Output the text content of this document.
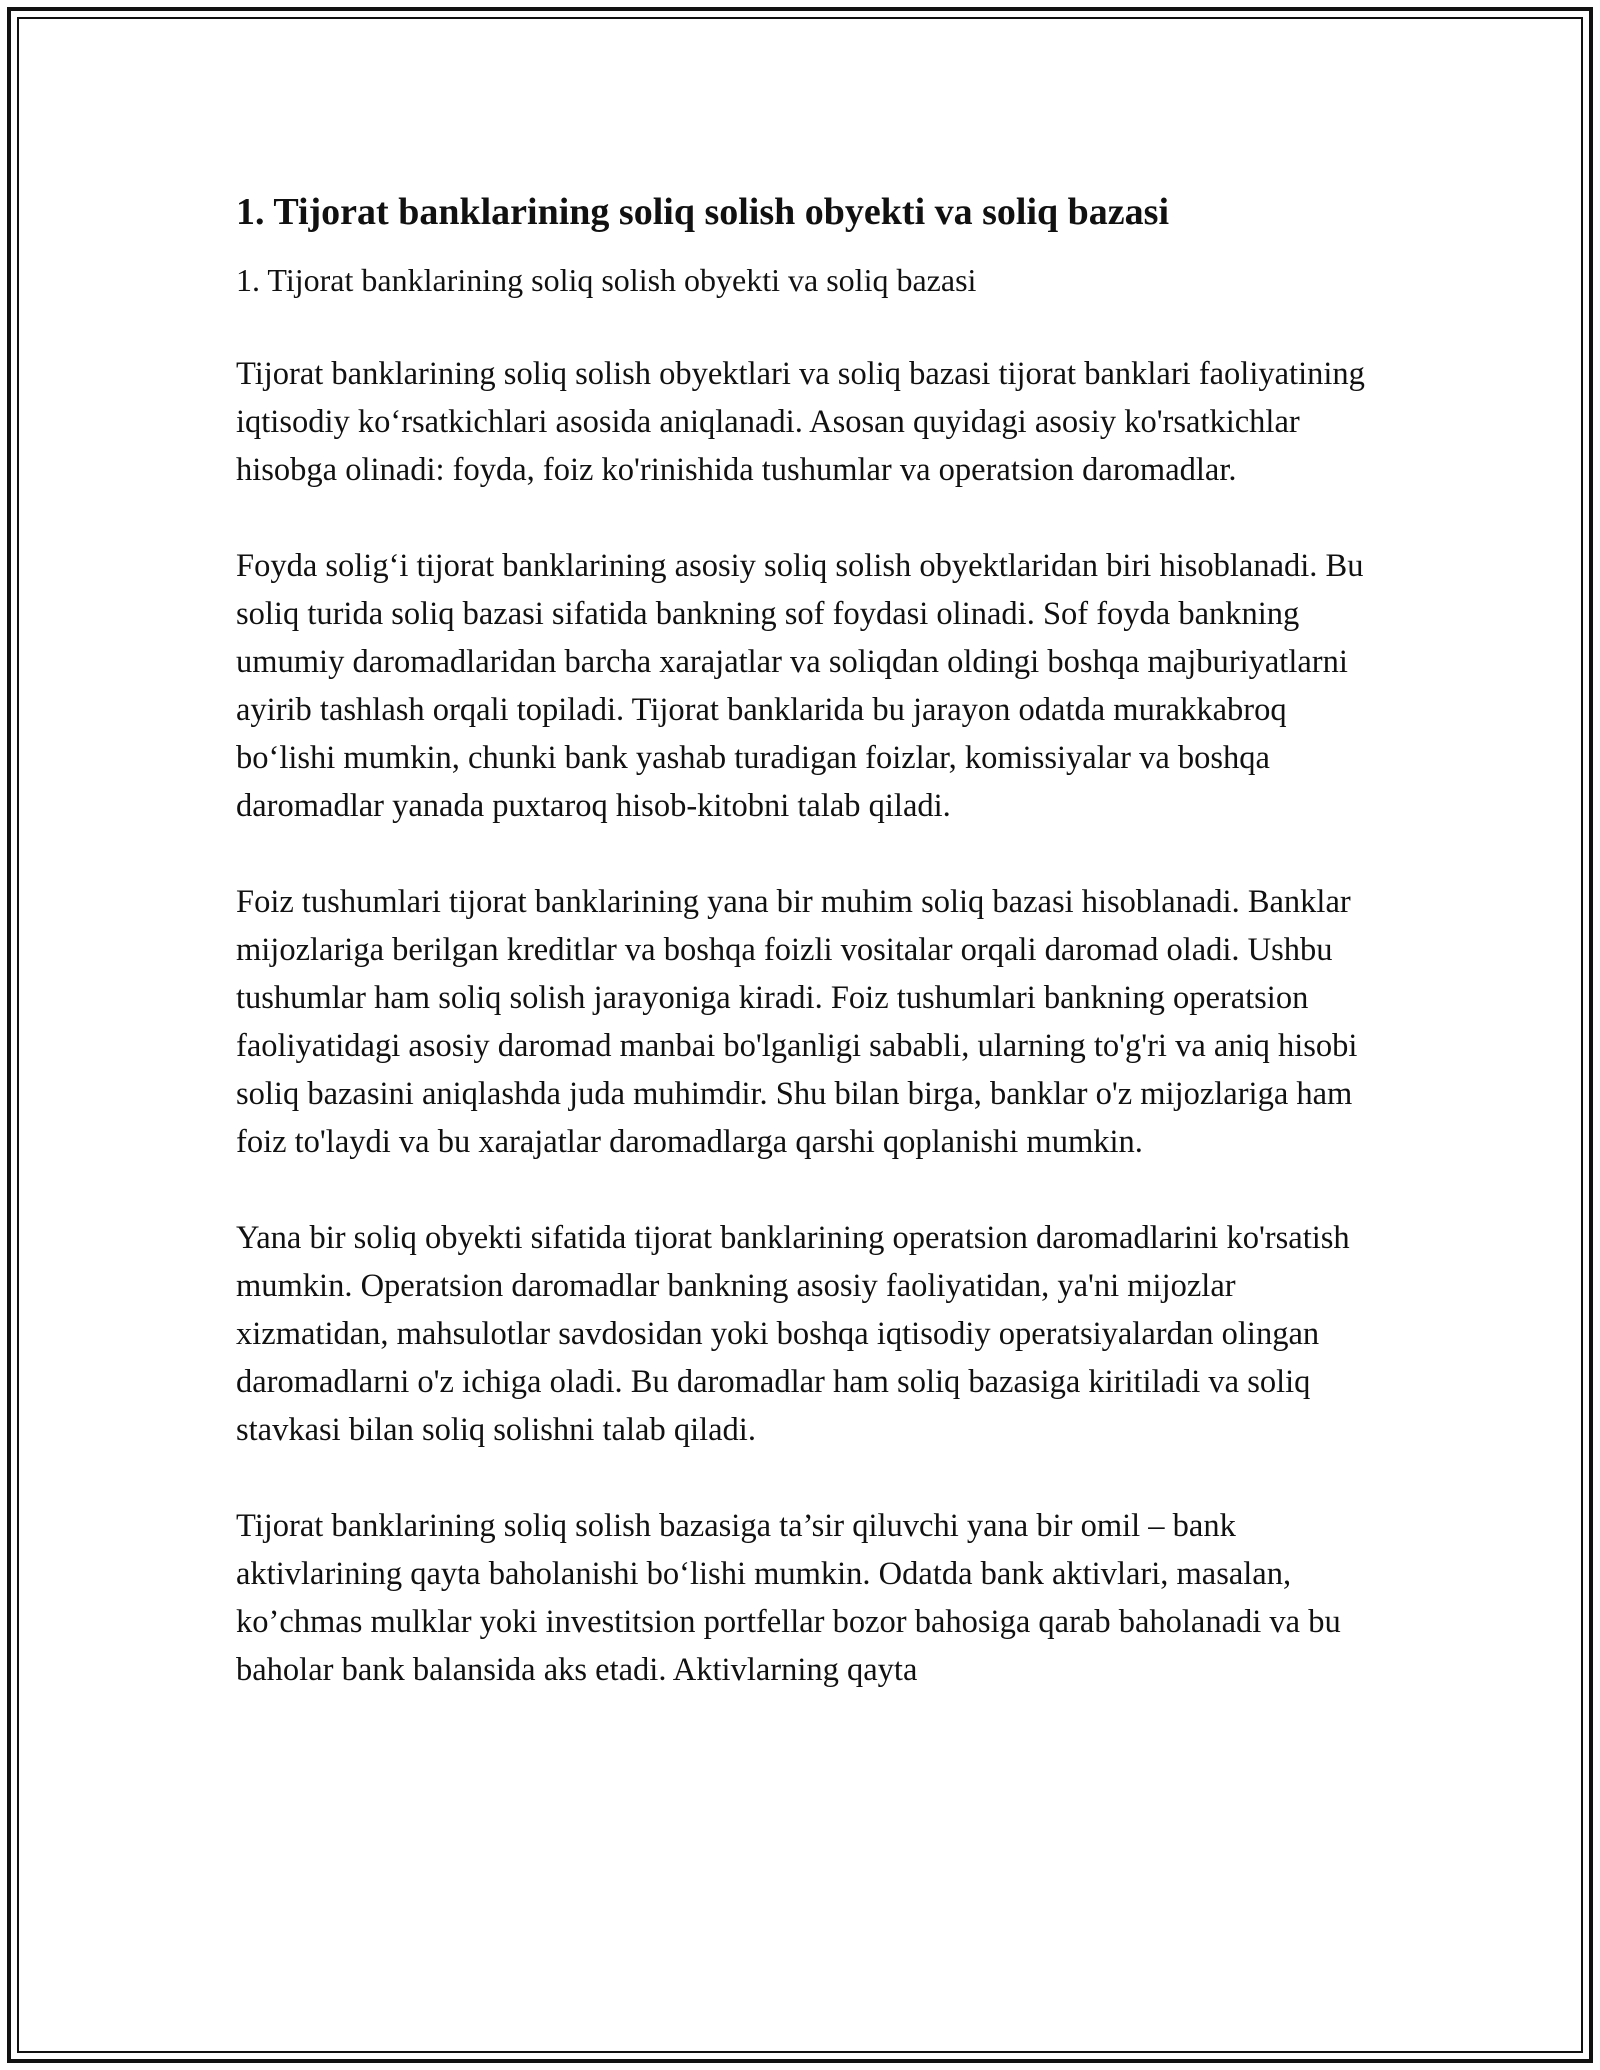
1. Tijorat banklarining soliq solish obyekti va soliq bazasi

1. Tijorat banklarining soliq solish obyekti va soliq bazasi

Tijorat banklarining soliq solish obyektlari va soliq bazasi tijorat banklari faoliyatining iqtisodiy ko‘rsatkichlari asosida aniqlanadi. Asosan quyidagi asosiy ko'rsatkichlar hisobga olinadi: foyda, foiz ko'rinishida tushumlar va operatsion daromadlar.

Foyda solig‘i tijorat banklarining asosiy soliq solish obyektlaridan biri hisoblanadi. Bu soliq turida soliq bazasi sifatida bankning sof foydasi olinadi. Sof foyda bankning umumiy daromadlaridan barcha xarajatlar va soliqdan oldingi boshqa majburiyatlarni ayirib tashlash orqali topiladi. Tijorat banklarida bu jarayon odatda murakkabroq bo‘lishi mumkin, chunki bank yashab turadigan foizlar, komissiyalar va boshqa daromadlar yanada puxtaroq hisob-kitobni talab qiladi.

Foiz tushumlari tijorat banklarining yana bir muhim soliq bazasi hisoblanadi. Banklar mijozlariga berilgan kreditlar va boshqa foizli vositalar orqali daromad oladi. Ushbu tushumlar ham soliq solish jarayoniga kiradi. Foiz tushumlari bankning operatsion faoliyatidagi asosiy daromad manbai bo'lganligi sababli, ularning to'g'ri va aniq hisobi soliq bazasini aniqlashda juda muhimdir. Shu bilan birga, banklar o'z mijozlariga ham foiz to'laydi va bu xarajatlar daromadlarga qarshi qoplanishi mumkin.

Yana bir soliq obyekti sifatida tijorat banklarining operatsion daromadlarini ko'rsatish mumkin. Operatsion daromadlar bankning asosiy faoliyatidan, ya'ni mijozlar xizmatidan, mahsulotlar savdosidan yoki boshqa iqtisodiy operatsiyalardan olingan daromadlarni o'z ichiga oladi. Bu daromadlar ham soliq bazasiga kiritiladi va soliq stavkasi bilan soliq solishni talab qiladi.

Tijorat banklarining soliq solish bazasiga ta’sir qiluvchi yana bir omil – bank aktivlarining qayta baholanishi bo‘lishi mumkin. Odatda bank aktivlari, masalan, ko’chmas mulklar yoki investitsion portfellar bozor bahosiga qarab baholanadi va bu baholar bank balansida aks etadi. Aktivlarning qayta
